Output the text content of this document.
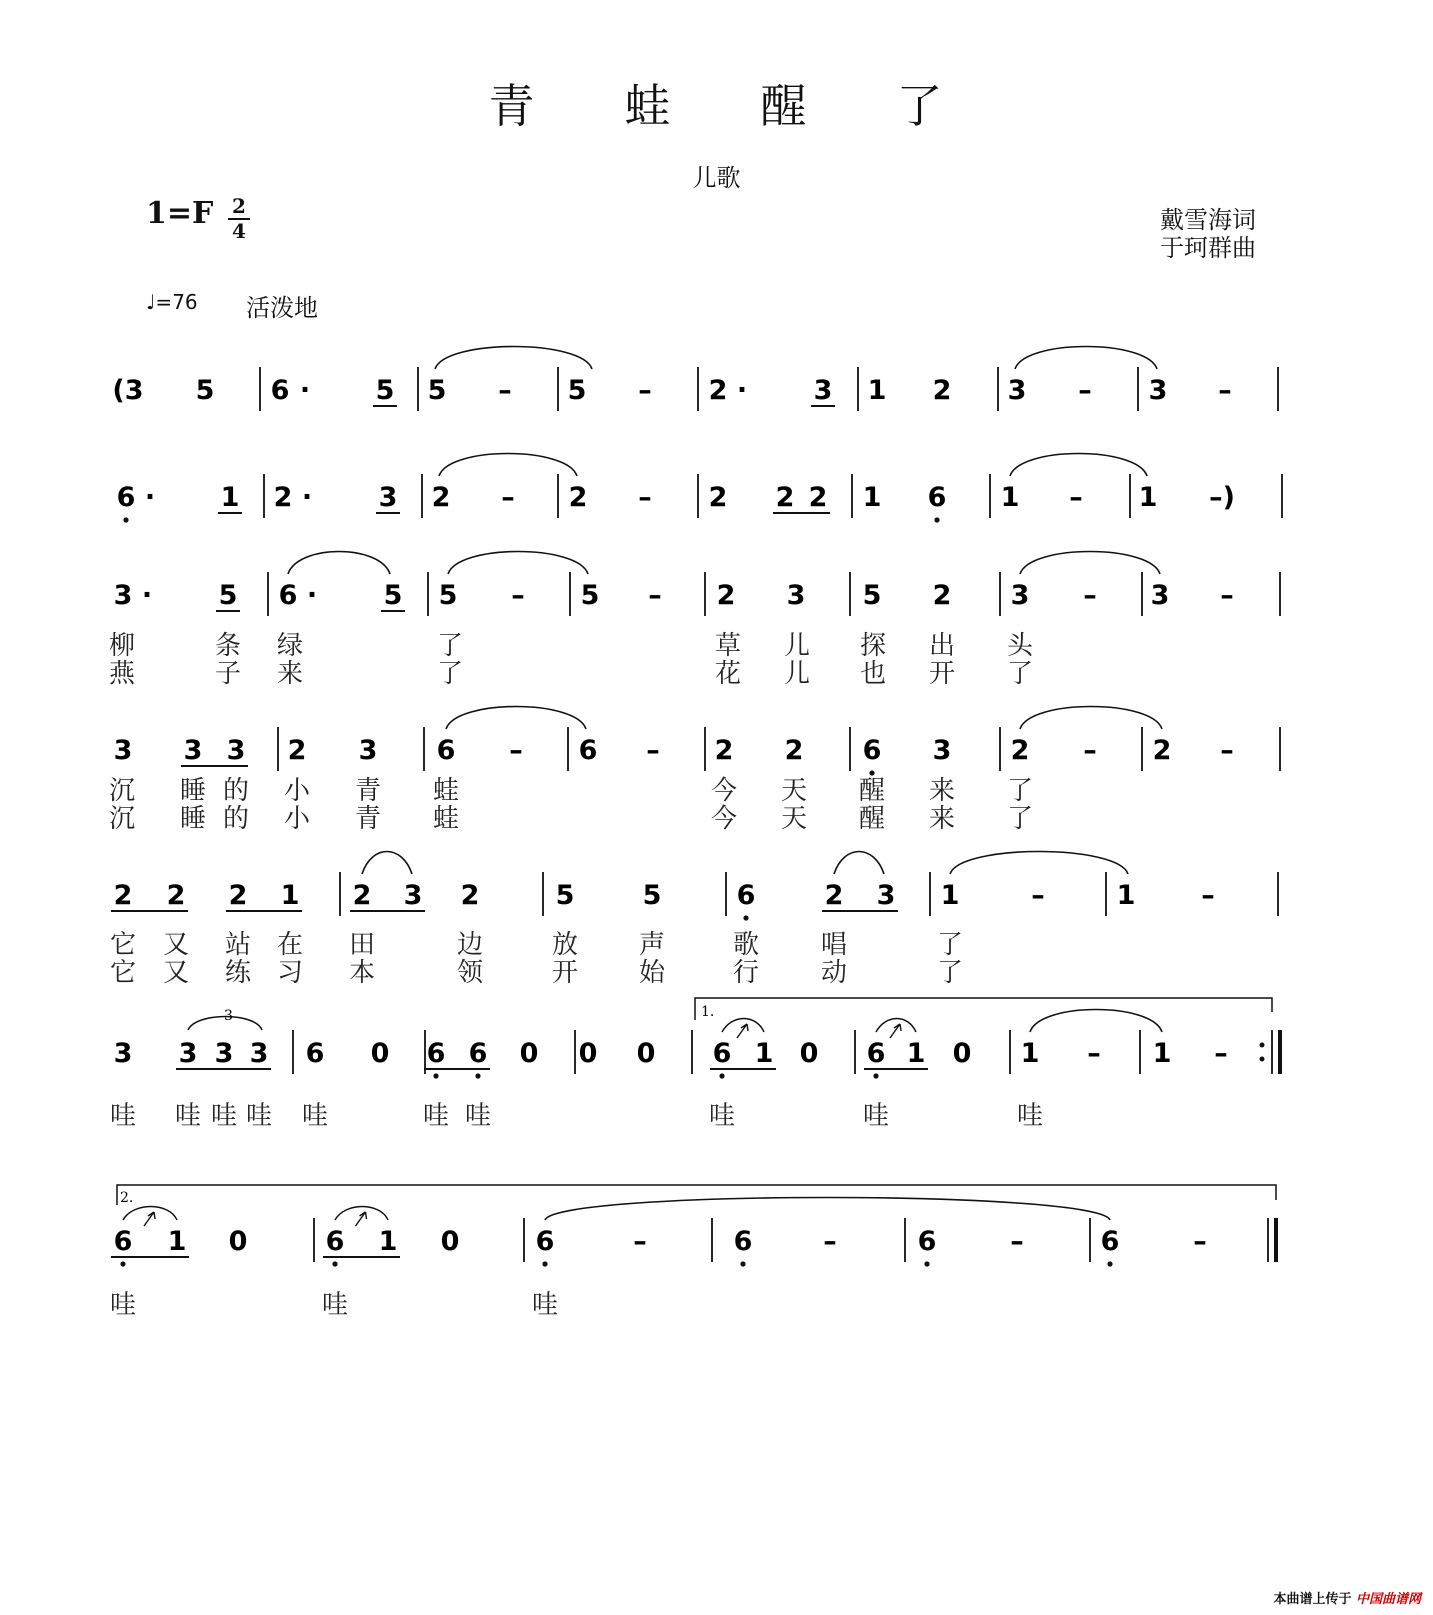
青 蛙 醒 了
儿歌
1=F 2
4	戴雪海词
于珂群曲
♩=76 活泼地
(3 5 6 · 5 5 – 5 – 2 · 3 1 2 3 – 3 –
6 · 1 2 · 3 2 – 2 – 2 2 2 1 6 1 – 1 –)
3 · 5 6 · 5 5 – 5 – 2 3 5 2 3 – 3 –
柳	条 绿	了	草 儿 探 出 头
燕	子 来	了	花 儿 也 开 了
3 3 3 2 3 6 – 6 – 2 2 6 3 2 – 2 –
沉 睡 的 小 青 蛙	今 天 醒 来 了
沉 睡 的 小 青 蛙	今 天 醒 来 了
2 2 2 1 2 3 2	5	5	6	2 3 1	–	1 –
它 又 站 在 田	边	放 声	歌 唱	了
它 又 练 习 本	领	开 始	行 动	了
3 3 3 3 6 0 6 6 0 0 0 6 1 0 6 1 0 1 – 1 –
哇 哇 哇 哇 哇	哇 哇	哇	哇	哇
6 1 0	6 1 0	6	–	6	–	6	–	6	–
哇	哇	哇
1.
2.
3
本曲谱上传于 中国曲谱网
